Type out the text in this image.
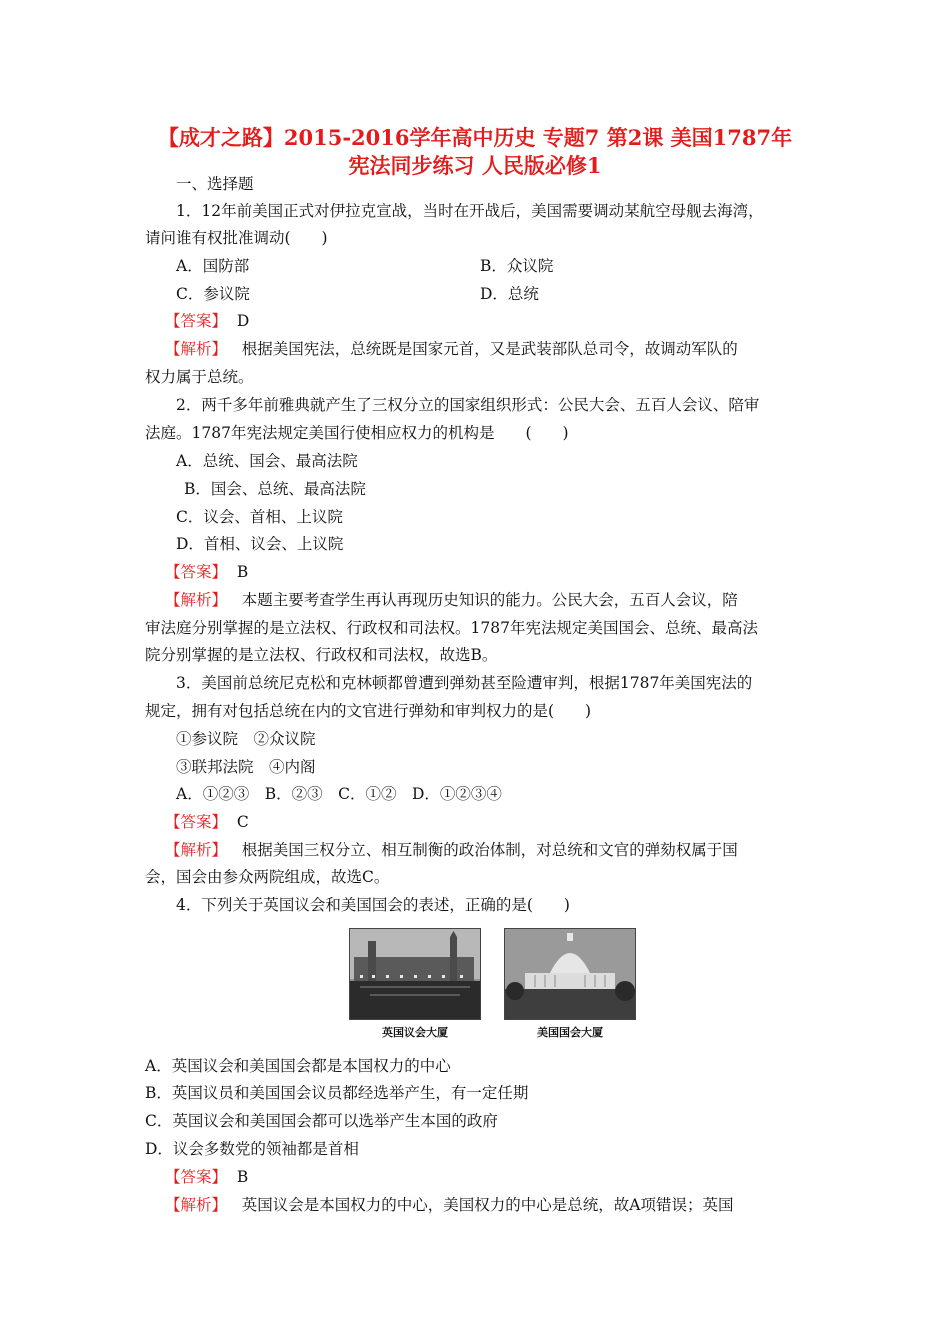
【成才之路】2015-2016学年高中历史 专题7 第2课 美国1787年
宪法同步练习 人民版必修1
一、选择题
1．12年前美国正式对伊拉克宣战，当时在开战后，美国需要调动某航空母舰去海湾，
请问谁有权批准调动(　　)
A．国防部	B．众议院
C．参议院	D．总统
【答案】 D
【解析】 根据美国宪法，总统既是国家元首，又是武装部队总司令，故调动军队的
权力属于总统。
2．两千多年前雅典就产生了三权分立的国家组织形式：公民大会、五百人会议、陪审
法庭。1787年宪法规定美国行使相应权力的机构是　　(　　)
A．总统、国会、最高法院
B．国会、总统、最高法院
C．议会、首相、上议院
D．首相、议会、上议院
【答案】 B
【解析】 本题主要考查学生再认再现历史知识的能力。公民大会，五百人会议，陪
审法庭分别掌握的是立法权、行政权和司法权。1787年宪法规定美国国会、总统、最高法
院分别掌握的是立法权、行政权和司法权，故选B。
3．美国前总统尼克松和克林顿都曾遭到弹劾甚至险遭审判，根据1787年美国宪法的
规定，拥有对包括总统在内的文官进行弹劾和审判权力的是(　　)
①参议院　②众议院
③联邦法院　④内阁
A．①②③　B．②③　C．①②　D．①②③④
【答案】 C
【解析】 根据美国三权分立、相互制衡的政治体制，对总统和文官的弹劾权属于国
会，国会由参众两院组成，故选C。
4．下列关于英国议会和美国国会的表述，正确的是(　　)
英国议会大厦	美国国会大厦
A．英国议会和美国国会都是本国权力的中心
B．英国议员和美国国会议员都经选举产生，有一定任期
C．英国议会和美国国会都可以选举产生本国的政府
D．议会多数党的领袖都是首相
【答案】 B
【解析】 英国议会是本国权力的中心，美国权力的中心是总统，故A项错误；英国
